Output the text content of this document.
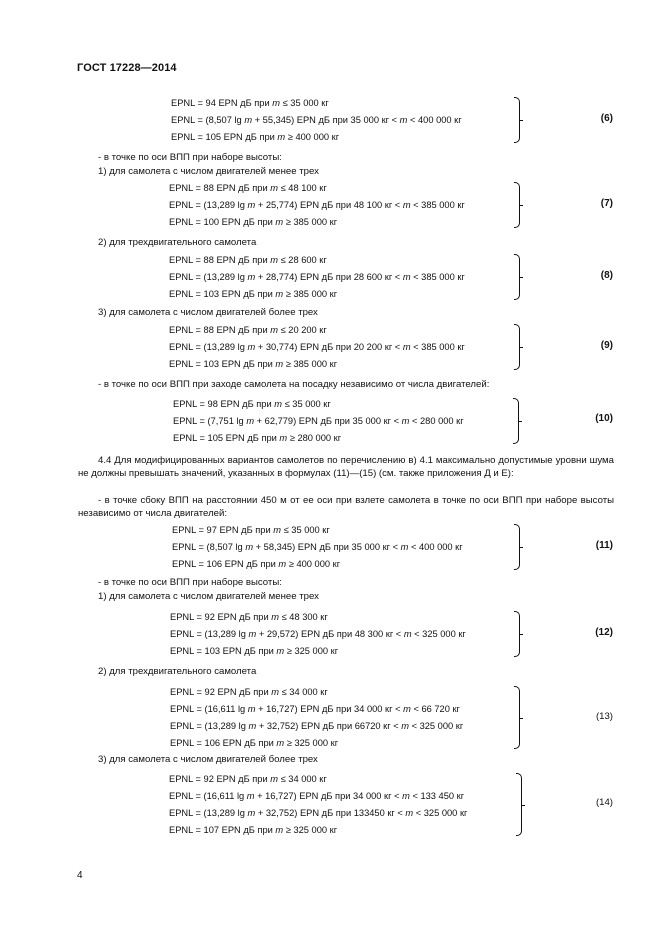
ГОСТ 17228—2014
EPNL = 94 EPN дБ при m ≤ 35 000 кг
EPNL = (8,507 lg m + 55,345) EPN дБ при 35 000 кг < m < 400 000 кг
EPNL = 105 EPN дБ при m ≥ 400 000 кг
(6)
- в точке по оси ВПП при наборе высоты:
1) для самолета с числом двигателей менее трех
EPNL = 88 EPN дБ при m ≤ 48 100 кг
EPNL = (13,289 lg m + 25,774) EPN дБ при 48 100 кг < m < 385 000 кг
EPNL = 100 EPN дБ при m ≥ 385 000 кг
(7)
2) для трехдвигательного самолета
EPNL = 88 EPN дБ при m ≤ 28 600 кг
EPNL = (13,289 lg m + 28,774) EPN дБ при 28 600 кг < m < 385 000 кг
EPNL = 103 EPN дБ при m ≥ 385 000 кг
(8)
3) для самолета с числом двигателей более трех
EPNL = 88 EPN дБ при m ≤ 20 200 кг
EPNL = (13,289 lg m + 30,774) EPN дБ при 20 200 кг < m < 385 000 кг
EPNL = 103 EPN дБ при m ≥ 385 000 кг
(9)
- в точке по оси ВПП при заходе самолета на посадку независимо от числа двигателей:
EPNL = 98 EPN дБ при m ≤ 35 000 кг
EPNL = (7,751 lg m + 62,779) EPN дБ при 35 000 кг < m < 280 000 кг
EPNL = 105 EPN дБ при m ≥ 280 000 кг
(10)
4.4 Для модифицированных вариантов самолетов по перечислению в) 4.1 максимально допустимые уровни шума не должны превышать значений, указанных в формулах (11)—(15) (см. также приложения Д и Е):
- в точке сбоку ВПП на расстоянии 450 м от ее оси при взлете самолета в точке по оси ВПП при наборе высоты независимо от числа двигателей:
EPNL = 97 EPN дБ при m ≤ 35 000 кг
EPNL = (8,507 lg m + 58,345) EPN дБ при 35 000 кг < m < 400 000 кг
EPNL = 106 EPN дБ при m ≥ 400 000 кг
(11)
- в точке по оси ВПП при наборе высоты:
1) для самолета с числом двигателей менее трех
EPNL = 92 EPN дБ при m ≤ 48 300 кг
EPNL = (13,289 lg m + 29,572) EPN дБ при 48 300 кг < m < 325 000 кг
EPNL = 103 EPN дБ при m ≥ 325 000 кг
(12)
2) для трехдвигательного самолета
EPNL = 92 EPN дБ при m ≤ 34 000 кг
EPNL = (16,611 lg m + 16,727) EPN дБ при 34 000 кг < m < 66 720 кг
EPNL = (13,289 lg m + 32,752) EPN дБ при 66720 кг < m < 325 000 кг
EPNL = 106 EPN дБ при m ≥ 325 000 кг
(13)
3) для самолета с числом двигателей более трех
EPNL = 92 EPN дБ при m ≤ 34 000 кг
EPNL = (16,611 lg m + 16,727) EPN дБ при 34 000 кг < m < 133 450 кг
EPNL = (13,289 lg m + 32,752) EPN дБ при 133450 кг < m < 325 000 кг
EPNL = 107 EPN дБ при m ≥ 325 000 кг
(14)
4
